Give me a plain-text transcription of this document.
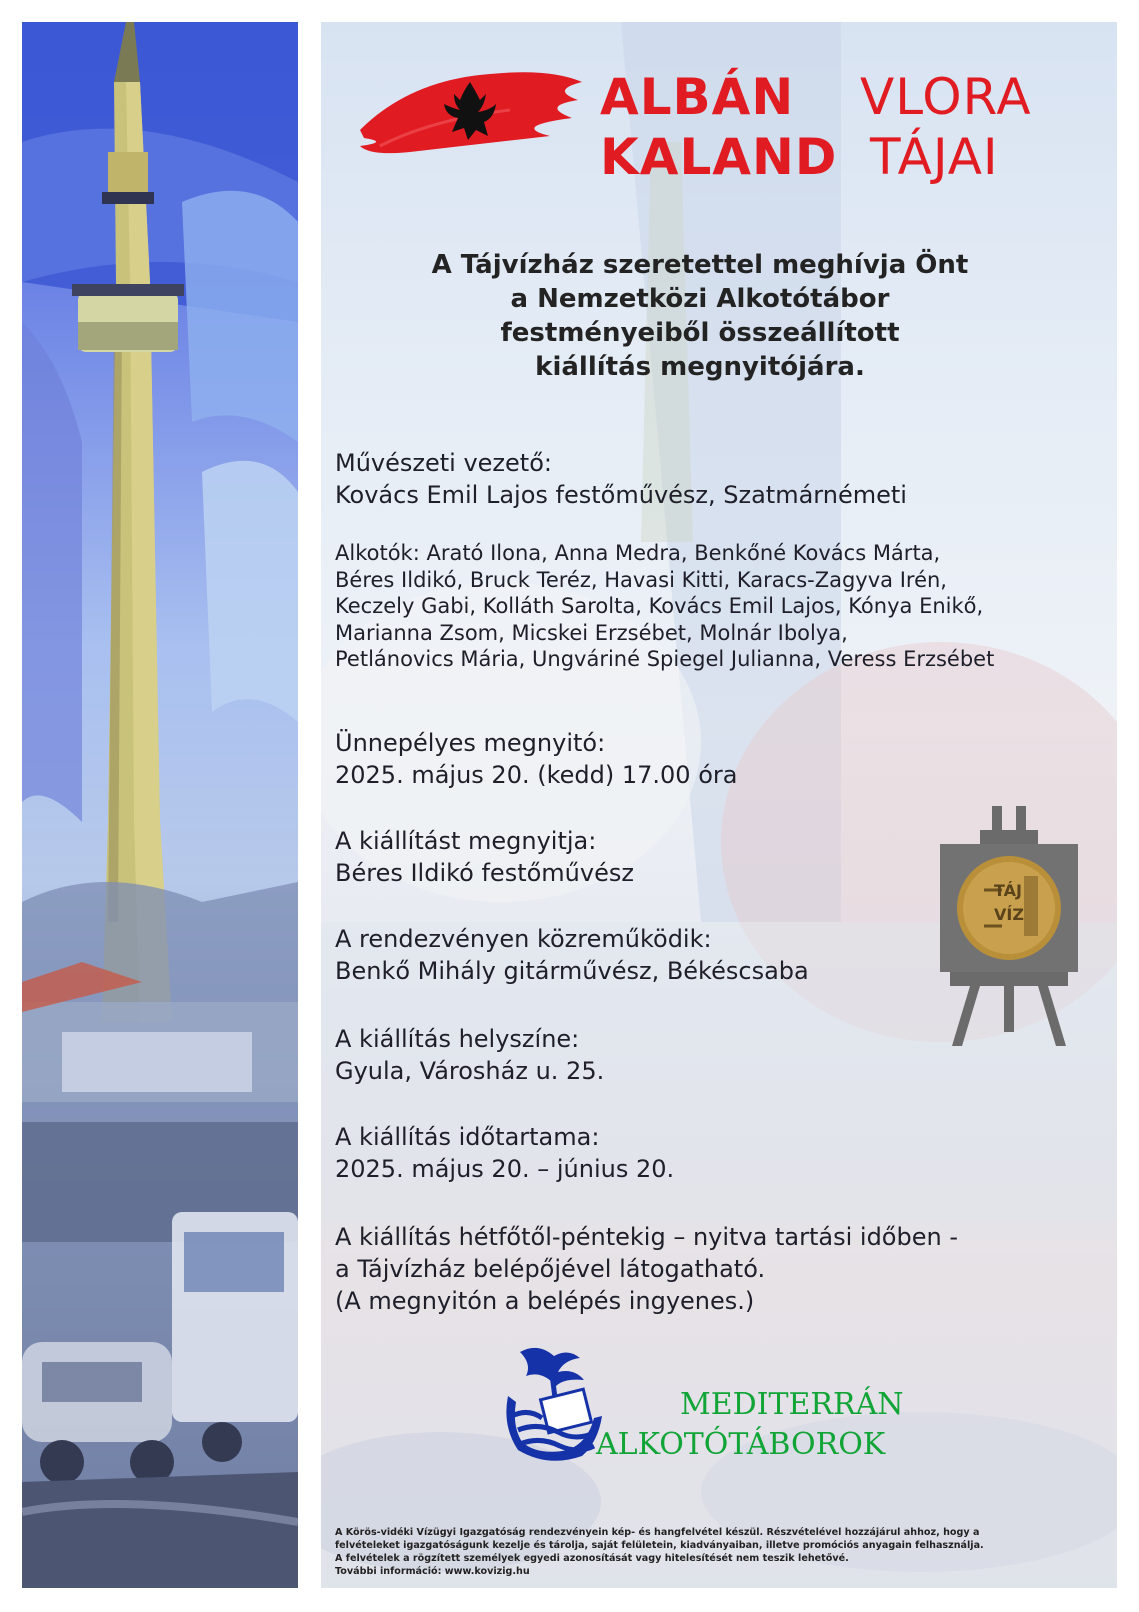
ALBÁN VLORA
KALAND TÁJAI
A Tájvízház szeretettel meghívja Önt
a Nemzetközi Alkotótábor
festményeiből összeállított
kiállítás megnyitójára.
Művészeti vezető:
Kovács Emil Lajos festőművész, Szatmárnémeti
Alkotók: Arató Ilona, Anna Medra, Benkőné Kovács Márta,
Béres Ildikó, Bruck Teréz, Havasi Kitti, Karacs-Zagyva Irén,
Keczely Gabi, Kolláth Sarolta, Kovács Emil Lajos, Kónya Enikő,
Marianna Zsom, Micskei Erzsébet, Molnár Ibolya,
Petlánovics Mária, Ungváriné Spiegel Julianna, Veress Erzsébet
Ünnepélyes megnyitó:
2025. május 20. (kedd) 17.00 óra
A kiállítást megnyitja:
Béres Ildikó festőművész
A rendezvényen közreműködik:
Benkő Mihály gitárművész, Békéscsaba
A kiállítás helyszíne:
Gyula, Városház u. 25.
A kiállítás időtartama:
2025. május 20. – június 20.
A kiállítás hétfőtől-péntekig – nyitva tartási időben -
a Tájvízház belépőjével látogatható.
(A megnyitón a belépés ingyenes.)
TÁJ
VÍZ
MEDITERRÁN
ALKOTÓTÁBOROK
A Körös-vidéki Vízügyi Igazgatóság rendezvényein kép- és hangfelvétel készül. Részvételével hozzájárul ahhoz, hogy a
felvételeket igazgatóságunk kezelje és tárolja, saját felületein, kiadványaiban, illetve promóciós anyagain felhasználja.
A felvételek a rögzített személyek egyedi azonosítását vagy hitelesítését nem teszik lehetővé.
További információ: www.kovizig.hu
